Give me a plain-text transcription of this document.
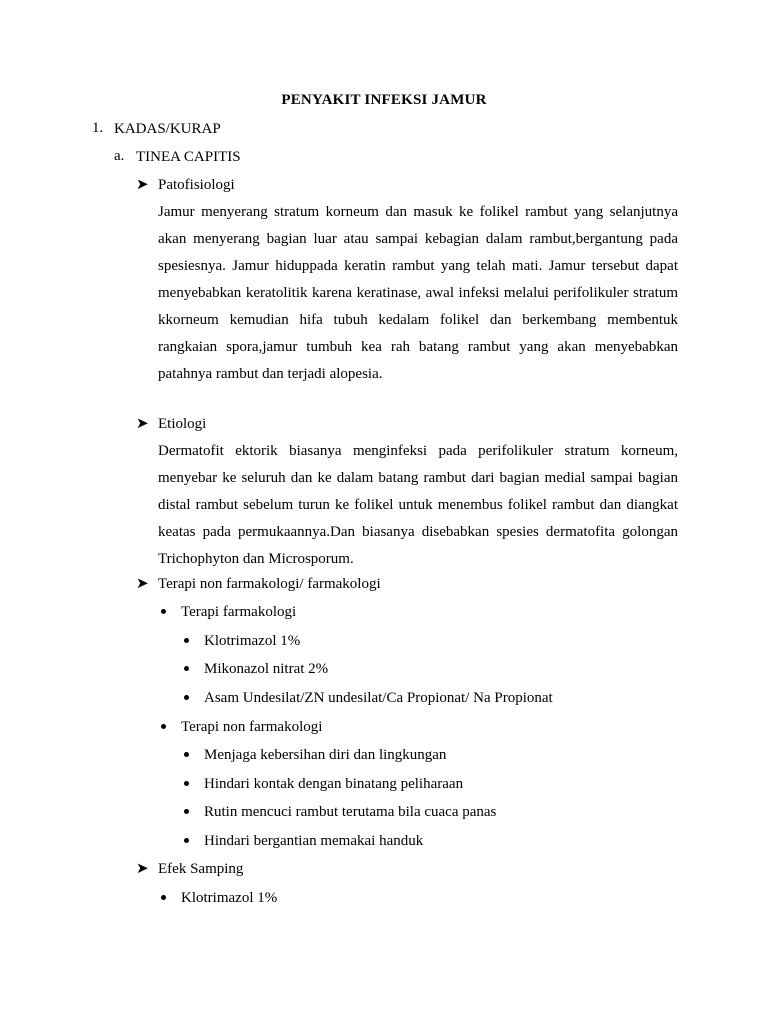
PENYAKIT INFEKSI JAMUR
1. KADAS/KURAP
a. TINEA CAPITIS
➤ Patofisiologi
Jamur menyerang stratum korneum dan masuk ke folikel rambut yang selanjutnya
akan menyerang bagian luar atau sampai kebagian dalam rambut,bergantung pada
spesiesnya. Jamur hiduppada keratin rambut yang telah mati. Jamur tersebut dapat
menyebabkan keratolitik karena keratinase, awal infeksi melalui perifolikuler stratum
kkorneum kemudian hifa tubuh kedalam folikel dan berkembang membentuk
rangkaian spora,jamur tumbuh kea rah batang rambut yang akan menyebabkan
patahnya rambut dan terjadi alopesia.
➤ Etiologi
Dermatofit ektorik biasanya menginfeksi pada perifolikuler stratum korneum,
menyebar ke seluruh dan ke dalam batang rambut dari bagian medial sampai bagian
distal rambut sebelum turun ke folikel untuk menembus folikel rambut dan diangkat
keatas pada permukaannya.Dan biasanya disebabkan spesies dermatofita golongan
Trichophyton dan Microsporum.
➤ Terapi non farmakologi/ farmakologi
Terapi farmakologi
Klotrimazol 1%
Mikonazol nitrat 2%
Asam Undesilat/ZN undesilat/Ca Propionat/ Na Propionat
Terapi non farmakologi
Menjaga kebersihan diri dan lingkungan
Hindari kontak dengan binatang peliharaan
Rutin mencuci rambut terutama bila cuaca panas
Hindari bergantian memakai handuk
➤ Efek Samping
Klotrimazol 1%
